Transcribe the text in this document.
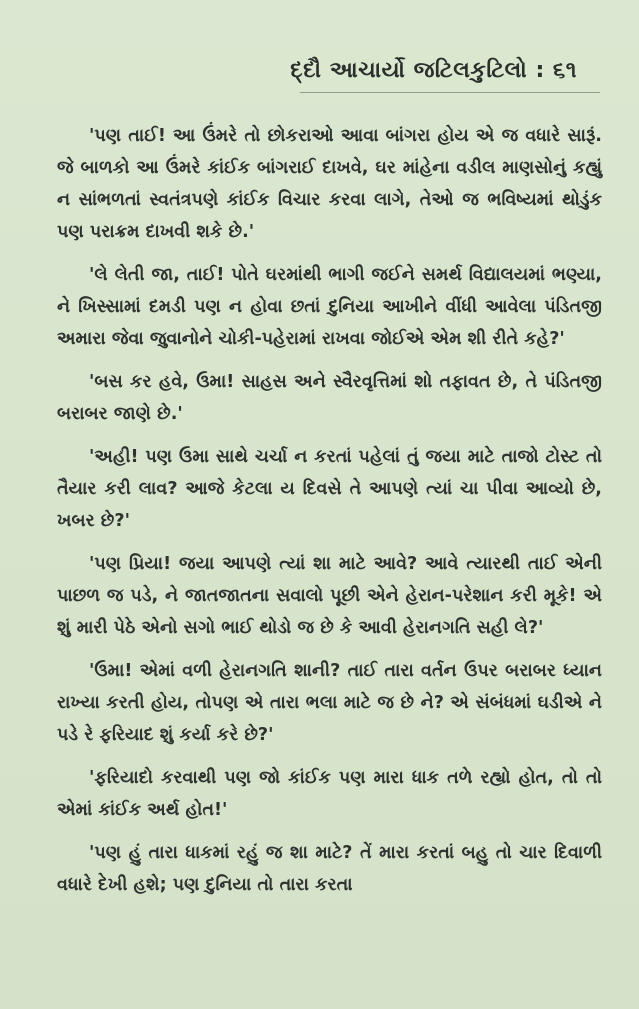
દ્દૌ આચાર્યો જટિલકુટિલો : ૬૧

'પણ તાઈ! આ ઉંમરે તો છોકરાઓ આવા બાંગરા હોય એ જ વધારે સારૂં. જે બાળકો આ ઉંમરે કાંઈક બાંગરાઈ દાખવે, ઘર માંહેના વડીલ માણસોનું કહ્યું ન સાંભળતાં સ્વતંત્રપણે કાંઈક વિચાર કરવા લાગે, તેઓ જ ભવિષ્યમાં થોડુંક પણ પરાક્રમ દાખવી શકે છે.'

'લે લેતી જા, તાઈ! પોતે ઘરમાંથી ભાગી જઈને સમર્થ વિદ્યાલયમાં ભણ્યા, ને ખિસ્સામાં દમડી પણ ન હોવા છતાં દુનિયા આખીને વીંધી આવેલા પંડિતજી અમારા જેવા જુવાનોને ચોકી-પહેરામાં રાખવા જોઈએ એમ શી રીતે કહે?'

'બસ કર હવે, ઉમા! સાહસ અને સ્વૈરવૃત્તિમાં શો તફાવત છે, તે પંડિતજી બરાબર જાણે છે.'

'અહી! પણ ઉમા સાથે ચર્ચા ન કરતાં પહેલાં તું જયા માટે તાજો ટોસ્ટ તો તૈયાર કરી લાવ? આજે કેટલા ય દિવસે તે આપણે ત્યાં ચા પીવા આવ્યો છે, ખબર છે?'

'પણ પ્રિયા! જયા આપણે ત્યાં શા માટે આવે? આવે ત્યારથી તાઈ એની પાછળ જ પડે, ને જાતજાતના સવાલો પૂછી એને હેરાન-પરેશાન કરી મૂકે! એ શું મારી પેઠે એનો સગો ભાઈ થોડો જ છે કે આવી હેરાનગતિ સહી લે?'

'ઉમા! એમાં વળી હેરાનગતિ શાની? તાઈ તારા વર્તન ઉપર બરાબર ધ્યાન રાખ્યા કરતી હોય, તોપણ એ તારા ભલા માટે જ છે ને? એ સંબંધમાં ઘડીએ ને પડે રે ફરિયાદ શું કર્યા કરે છે?'

'ફરિયાદો કરવાથી પણ જો કાંઈક પણ મારા ધાક તળે રહ્યો હોત, તો તો એમાં કાંઈક અર્થ હોત!'

'પણ હું તારા ધાકમાં રહું જ શા માટે? તેં મારા કરતાં બહુ તો ચાર દિવાળી વધારે દેખી હશે; પણ દુનિયા તો તારા કરતા
